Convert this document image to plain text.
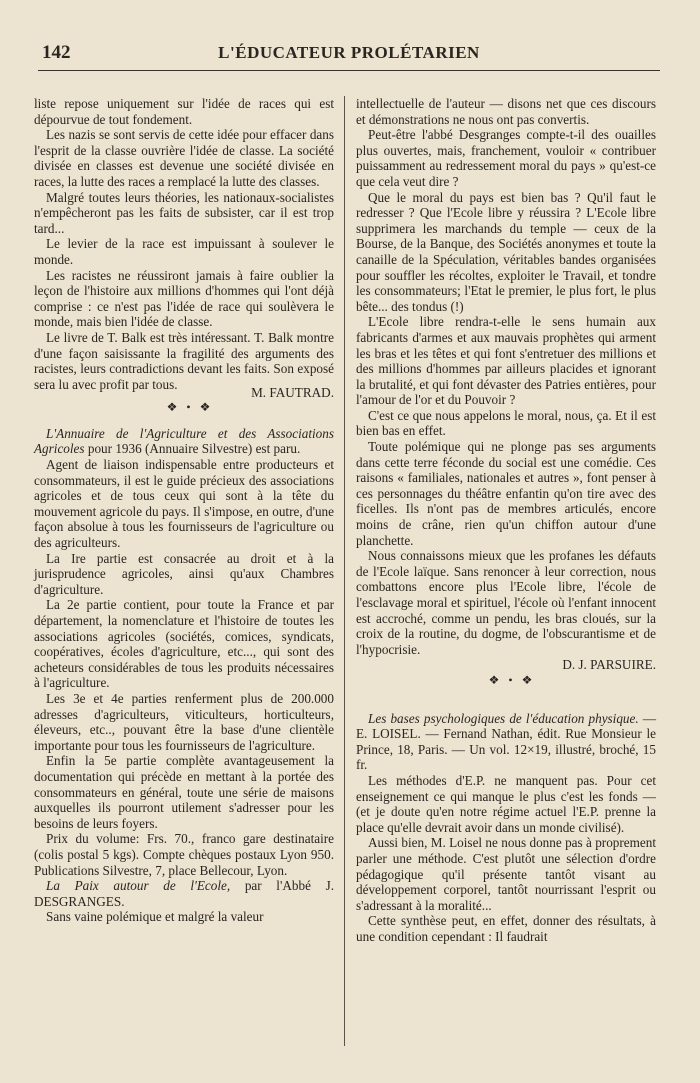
142	L'ÉDUCATEUR PROLÉTARIEN

liste repose uniquement sur l'idée de races qui est dépourvue de tout fondement.

Les nazis se sont servis de cette idée pour effacer dans l'esprit de la classe ouvrière l'idée de classe. La société divisée en classes est devenue une société divisée en races, la lutte des races a remplacé la lutte des classes.

Malgré toutes leurs théories, les nationaux-socialistes n'empêcheront pas les faits de subsister, car il est trop tard...

Le levier de la race est impuissant à soulever le monde.

Les racistes ne réussiront jamais à faire oublier la leçon de l'histoire aux millions d'hommes qui l'ont déjà comprise : ce n'est pas l'idée de race qui soulèvera le monde, mais bien l'idée de classe.

Le livre de T. Balk est très intéressant. T. Balk montre d'une façon saisissante la fragilité des arguments des racistes, leurs contradictions devant les faits. Son exposé sera lu avec profit par tous.
M. FAUTRAD.

❖ • ❖

L'Annuaire de l'Agriculture et des Associations Agricoles pour 1936 (Annuaire Silvestre) est paru.

Agent de liaison indispensable entre producteurs et consommateurs, il est le guide précieux des associations agricoles et de tous ceux qui sont à la tête du mouvement agricole du pays. Il s'impose, en outre, d'une façon absolue à tous les fournisseurs de l'agriculture ou des agriculteurs.

La Ire partie est consacrée au droit et à la jurisprudence agricoles, ainsi qu'aux Chambres d'agriculture.

La 2e partie contient, pour toute la France et par département, la nomenclature et l'histoire de toutes les associations agricoles (sociétés, comices, syndicats, coopératives, écoles d'agriculture, etc..., qui sont des acheteurs considérables de tous les produits nécessaires à l'agriculture.

Les 3e et 4e parties renferment plus de 200.000 adresses d'agriculteurs, viticulteurs, horticulteurs, éleveurs, etc.., pouvant être la base d'une clientèle importante pour tous les fournisseurs de l'agriculture.

Enfin la 5e partie complète avantageusement la documentation qui précède en mettant à la portée des consommateurs en général, toute une série de maisons auxquelles ils pourront utilement s'adresser pour les besoins de leurs foyers.

Prix du volume: Frs. 70., franco gare destinataire (colis postal 5 kgs). Compte chèques postaux Lyon 950. Publications Silvestre, 7, place Bellecour, Lyon.

La Paix autour de l'Ecole, par l'Abbé J. DESGRANGES.

Sans vaine polémique et malgré la valeur

intellectuelle de l'auteur — disons net que ces discours et démonstrations ne nous ont pas convertis.

Peut-être l'abbé Desgranges compte-t-il des ouailles plus ouvertes, mais, franchement, vouloir « contribuer puissamment au redressement moral du pays » qu'est-ce que cela veut dire ?

Que le moral du pays est bien bas ? Qu'il faut le redresser ? Que l'Ecole libre y réussira ? L'Ecole libre supprimera les marchands du temple — ceux de la Bourse, de la Banque, des Sociétés anonymes et toute la canaille de la Spéculation, véritables bandes organisées pour souffler les récoltes, exploiter le Travail, et tondre les consommateurs; l'Etat le premier, le plus fort, le plus bête... des tondus (!)

L'Ecole libre rendra-t-elle le sens humain aux fabricants d'armes et aux mauvais prophètes qui arment les bras et les têtes et qui font s'entretuer des millions et des millions d'hommes par ailleurs placides et ignorant la brutalité, et qui font dévaster des Patries entières, pour l'amour de l'or et du Pouvoir ?

C'est ce que nous appelons le moral, nous, ça. Et il est bien bas en effet.

Toute polémique qui ne plonge pas ses arguments dans cette terre féconde du social est une comédie. Ces raisons « familiales, nationales et autres », font penser à ces personnages du théâtre enfantin qu'on tire avec des ficelles. Ils n'ont pas de membres articulés, encore moins de crâne, rien qu'un chiffon autour d'une planchette.

Nous connaissons mieux que les profanes les défauts de l'Ecole laïque. Sans renoncer à leur correction, nous combattons encore plus l'Ecole libre, l'école de l'esclavage moral et spirituel, l'école où l'enfant innocent est accroché, comme un pendu, les bras cloués, sur la croix de la routine, du dogme, de l'obscurantisme et de l'hypocrisie.

D. J. PARSUIRE.

❖ • ❖

Les bases psychologiques de l'éducation physique. — E. LOISEL. — Fernand Nathan, édit. Rue Monsieur le Prince, 18, Paris. — Un vol. 12×19, illustré, broché, 15 fr.

Les méthodes d'E.P. ne manquent pas. Pour cet enseignement ce qui manque le plus c'est les fonds — (et je doute qu'en notre régime actuel l'E.P. prenne la place qu'elle devrait avoir dans un monde civilisé).

Aussi bien, M. Loisel ne nous donne pas à proprement parler une méthode. C'est plutôt une sélection d'ordre pédagogique qu'il présente tantôt visant au développement corporel, tantôt nourrissant l'esprit ou s'adressant à la moralité...

Cette synthèse peut, en effet, donner des résultats, à une condition cependant : Il faudrait
